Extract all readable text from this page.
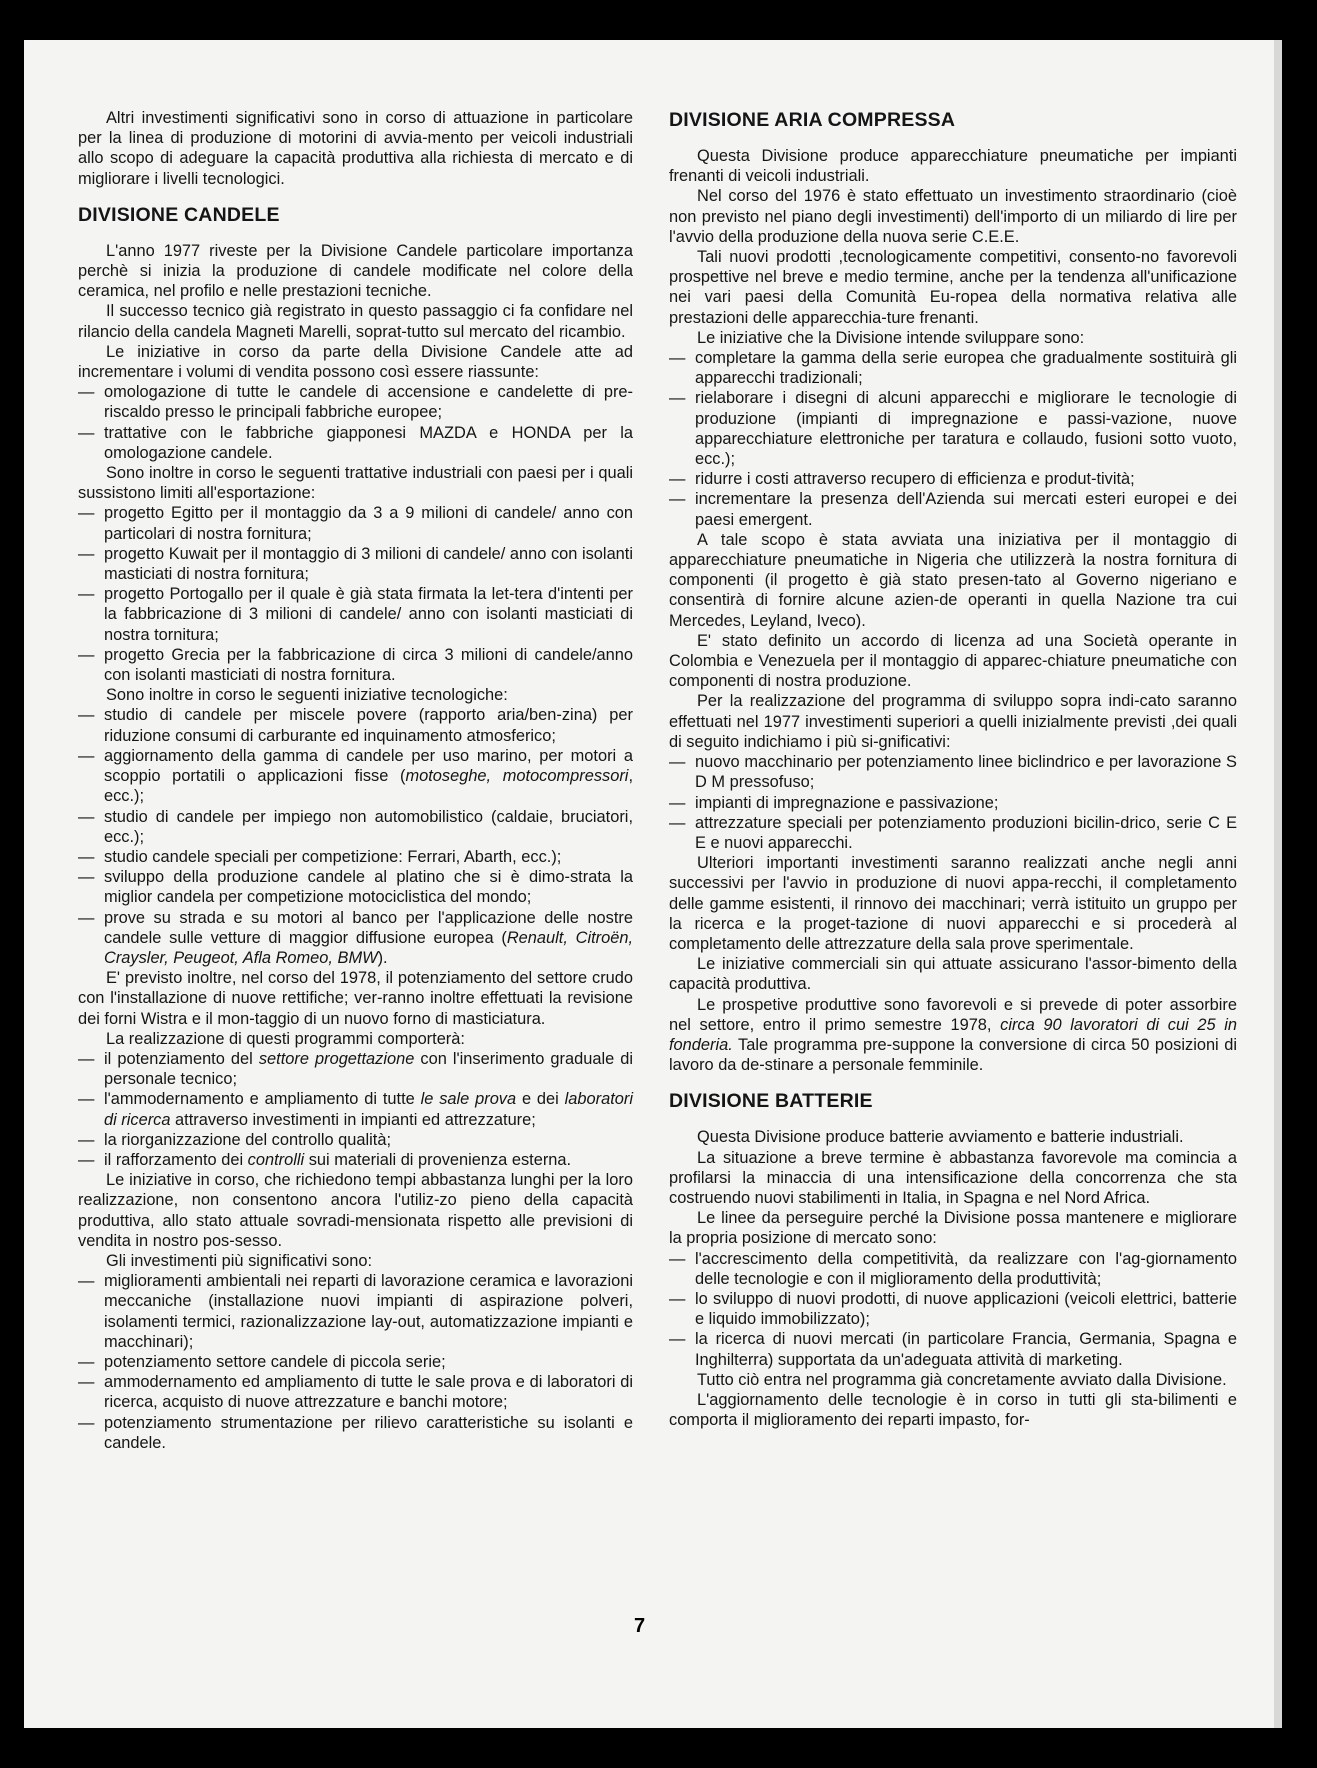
Altri investimenti significativi sono in corso di attuazione in particolare per la linea di produzione di motorini di avvia-mento per veicoli industriali allo scopo di adeguare la capacità produttiva alla richiesta di mercato e di migliorare i livelli tecnologici.

DIVISIONE CANDELE

L'anno 1977 riveste per la Divisione Candele particolare importanza perchè si inizia la produzione di candele modificate nel colore della ceramica, nel profilo e nelle prestazioni tecniche.

Il successo tecnico già registrato in questo passaggio ci fa confidare nel rilancio della candela Magneti Marelli, soprat-tutto sul mercato del ricambio.

Le iniziative in corso da parte della Divisione Candele atte ad incrementare i volumi di vendita possono così essere riassunte:

— omologazione di tutte le candele di accensione e candelette di pre-riscaldo presso le principali fabbriche europee;

— trattative con le fabbriche giapponesi MAZDA e HONDA per la omologazione candele.

Sono inoltre in corso le seguenti trattative industriali con paesi per i quali sussistono limiti all'esportazione:

— progetto Egitto per il montaggio da 3 a 9 milioni di candele/ anno con particolari di nostra fornitura;

— progetto Kuwait per il montaggio di 3 milioni di candele/ anno con isolanti masticiati di nostra fornitura;

— progetto Portogallo per il quale è già stata firmata la let-tera d'intenti per la fabbricazione di 3 milioni di candele/ anno con isolanti masticiati di nostra tornitura;

— progetto Grecia per la fabbricazione di circa 3 milioni di candele/anno con isolanti masticiati di nostra fornitura.

Sono inoltre in corso le seguenti iniziative tecnologiche:

— studio di candele per miscele povere (rapporto aria/ben-zina) per riduzione consumi di carburante ed inquinamento atmosferico;

— aggiornamento della gamma di candele per uso marino, per motori a scoppio portatili o applicazioni fisse (motoseghe, motocompressori, ecc.);

— studio di candele per impiego non automobilistico (caldaie, bruciatori, ecc.);

— studio candele speciali per competizione: Ferrari, Abarth, ecc.);

— sviluppo della produzione candele al platino che si è dimo-strata la miglior candela per competizione motociclistica del mondo;

— prove su strada e su motori al banco per l'applicazione delle nostre candele sulle vetture di maggior diffusione europea (Renault, Citroën, Craysler, Peugeot, Afla Romeo, BMW).

E' previsto inoltre, nel corso del 1978, il potenziamento del settore crudo con l'installazione di nuove rettifiche; ver-ranno inoltre effettuati la revisione dei forni Wistra e il mon-taggio di un nuovo forno di masticiatura.

La realizzazione di questi programmi comporterà:

— il potenziamento del settore progettazione con l'inserimento graduale di personale tecnico;

— l'ammodernamento e ampliamento di tutte le sale prova e dei laboratori di ricerca attraverso investimenti in impianti ed attrezzature;

— la riorganizzazione del controllo qualità;

— il rafforzamento dei controlli sui materiali di provenienza esterna.

Le iniziative in corso, che richiedono tempi abbastanza lunghi per la loro realizzazione, non consentono ancora l'utiliz-zo pieno della capacità produttiva, allo stato attuale sovradi-mensionata rispetto alle previsioni di vendita in nostro pos-sesso.

Gli investimenti più significativi sono:

— miglioramenti ambientali nei reparti di lavorazione ceramica e lavorazioni meccaniche (installazione nuovi impianti di aspirazione polveri, isolamenti termici, razionalizzazione lay-out, automatizzazione impianti e macchinari);

— potenziamento settore candele di piccola serie;

— ammodernamento ed ampliamento di tutte le sale prova e di laboratori di ricerca, acquisto di nuove attrezzature e banchi motore;

— potenziamento strumentazione per rilievo caratteristiche su isolanti e candele.

DIVISIONE ARIA COMPRESSA

Questa Divisione produce apparecchiature pneumatiche per impianti frenanti di veicoli industriali.

Nel corso del 1976 è stato effettuato un investimento straordinario (cioè non previsto nel piano degli investimenti) dell'importo di un miliardo di lire per l'avvio della produzione della nuova serie C.E.E.

Tali nuovi prodotti ,tecnologicamente competitivi, consento-no favorevoli prospettive nel breve e medio termine, anche per la tendenza all'unificazione nei vari paesi della Comunità Eu-ropea della normativa relativa alle prestazioni delle apparecchia-ture frenanti.

Le iniziative che la Divisione intende sviluppare sono:

— completare la gamma della serie europea che gradualmente sostituirà gli apparecchi tradizionali;

— rielaborare i disegni di alcuni apparecchi e migliorare le tecnologie di produzione (impianti di impregnazione e passi-vazione, nuove apparecchiature elettroniche per taratura e collaudo, fusioni sotto vuoto, ecc.);

— ridurre i costi attraverso recupero di efficienza e produt-tività;

— incrementare la presenza dell'Azienda sui mercati esteri europei e dei paesi emergent.

A tale scopo è stata avviata una iniziativa per il montaggio di apparecchiature pneumatiche in Nigeria che utilizzerà la nostra fornitura di componenti (il progetto è già stato presen-tato al Governo nigeriano e consentirà di fornire alcune azien-de operanti in quella Nazione tra cui Mercedes, Leyland, Iveco).

E' stato definito un accordo di licenza ad una Società operante in Colombia e Venezuela per il montaggio di apparec-chiature pneumatiche con componenti di nostra produzione.

Per la realizzazione del programma di sviluppo sopra indi-cato saranno effettuati nel 1977 investimenti superiori a quelli inizialmente previsti ,dei quali di seguito indichiamo i più si-gnificativi:

— nuovo macchinario per potenziamento linee biclindrico e per lavorazione S D M pressofuso;

— impianti di impregnazione e passivazione;

— attrezzature speciali per potenziamento produzioni bicilin-drico, serie C E E e nuovi apparecchi.

Ulteriori importanti investimenti saranno realizzati anche negli anni successivi per l'avvio in produzione di nuovi appa-recchi, il completamento delle gamme esistenti, il rinnovo dei macchinari; verrà istituito un gruppo per la ricerca e la proget-tazione di nuovi apparecchi e si procederà al completamento delle attrezzature della sala prove sperimentale.

Le iniziative commerciali sin qui attuate assicurano l'assor-bimento della capacità produttiva.

Le prospetive produttive sono favorevoli e si prevede di poter assorbire nel settore, entro il primo semestre 1978, circa 90 lavoratori di cui 25 in fonderia. Tale programma pre-suppone la conversione di circa 50 posizioni di lavoro da de-stinare a personale femminile.

DIVISIONE BATTERIE

Questa Divisione produce batterie avviamento e batterie industriali.

La situazione a breve termine è abbastanza favorevole ma comincia a profilarsi la minaccia di una intensificazione della concorrenza che sta costruendo nuovi stabilimenti in Italia, in Spagna e nel Nord Africa.

Le linee da perseguire perché la Divisione possa mantenere e migliorare la propria posizione di mercato sono:

— l'accrescimento della competitività, da realizzare con l'ag-giornamento delle tecnologie e con il miglioramento della produttività;

— lo sviluppo di nuovi prodotti, di nuove applicazioni (veicoli elettrici, batterie e liquido immobilizzato);

— la ricerca di nuovi mercati (in particolare Francia, Germania, Spagna e Inghilterra) supportata da un'adeguata attività di marketing.

Tutto ciò entra nel programma già concretamente avviato dalla Divisione.

L'aggiornamento delle tecnologie è in corso in tutti gli sta-bilimenti e comporta il miglioramento dei reparti impasto, for-

7
